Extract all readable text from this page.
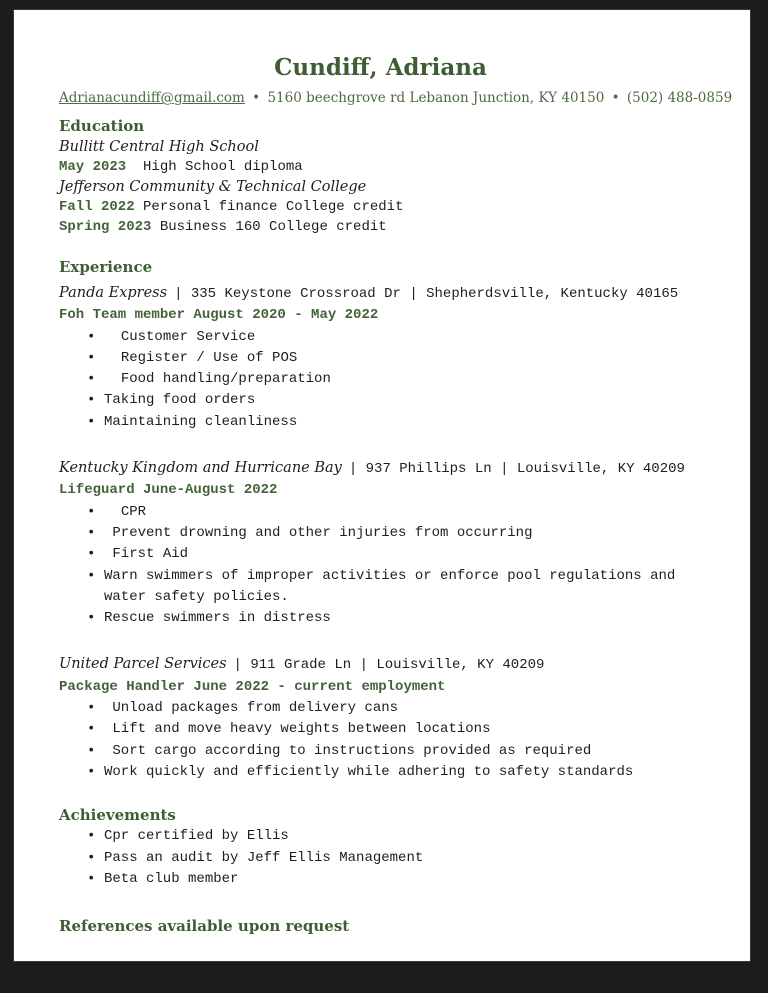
Cundiff, Adriana
Adrianacundiff@gmail.com • 5160 beechgrove rd Lebanon Junction, KY 40150 • (502) 488-0859
Education
Bullitt Central High School
May 2023  High School diploma
Jefferson Community & Technical College
Fall 2022 Personal finance College credit
Spring 2023 Business 160 College credit
Experience
Panda Express | 335 Keystone Crossroad Dr | Shepherdsville, Kentucky 40165
Foh Team member August 2020 - May 2022
• Customer Service
• Register / Use of POS
• Food handling/preparation
• Taking food orders
• Maintaining cleanliness
Kentucky Kingdom and Hurricane Bay | 937 Phillips Ln | Louisville, KY 40209
Lifeguard June-August 2022
• CPR
• Prevent drowning and other injuries from occurring
• First Aid
• Warn swimmers of improper activities or enforce pool regulations and water safety policies.
• Rescue swimmers in distress
United Parcel Services | 911 Grade Ln | Louisville, KY 40209
Package Handler June 2022 - current employment
• Unload packages from delivery cans
• Lift and move heavy weights between locations
• Sort cargo according to instructions provided as required
• Work quickly and efficiently while adhering to safety standards
Achievements
• Cpr certified by Ellis
• Pass an audit by Jeff Ellis Management
• Beta club member
References available upon request
